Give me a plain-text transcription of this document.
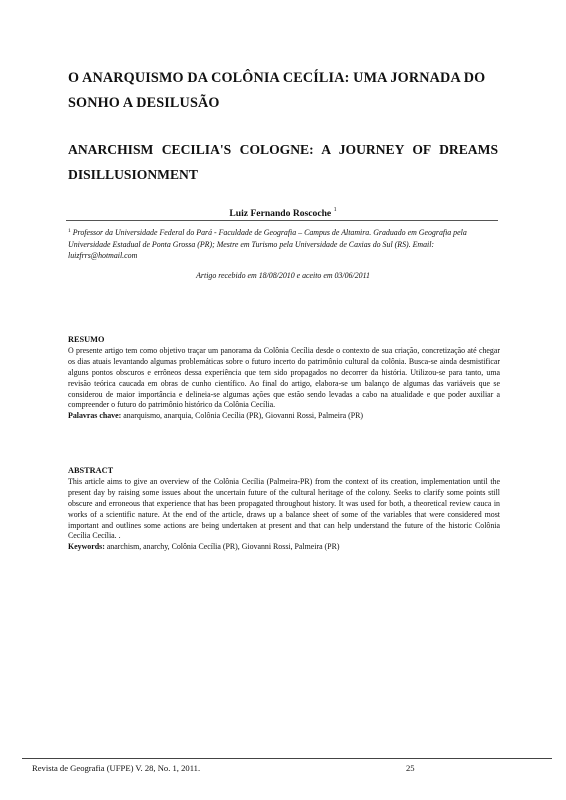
O ANARQUISMO DA COLÔNIA CECÍLIA: UMA JORNADA DO SONHO A DESILUSÃO
ANARCHISM CECILIA'S COLOGNE: A JOURNEY OF DREAMS DISILLUSIONMENT
Luiz Fernando Roscoche $^1$
$^1$ Professor da Universidade Federal do Pará - Faculdade de Geografia – Campus de Altamira. Graduado em Geografia pela Universidade Estadual de Ponta Grossa (PR); Mestre em Turismo pela Universidade de Caxias do Sul (RS). Email: luizfrrs@hotmail.com
Artigo recebido em 18/08/2010 e aceito em 03/06/2011
RESUMO
O presente artigo tem como objetivo traçar um panorama da Colônia Cecília desde o contexto de sua criação, concretização até chegar os dias atuais levantando algumas problemáticas sobre o futuro incerto do patrimônio cultural da colônia. Busca-se ainda desmistificar alguns pontos obscuros e errôneos dessa experiência que tem sido propagados no decorrer da história. Utilizou-se para tanto, uma revisão teórica caucada em obras de cunho científico. Ao final do artigo, elabora-se um balanço de algumas das variáveis que se considerou de maior importância e delineia-se algumas ações que estão sendo levadas a cabo na atualidade e que poder auxiliar a compreender o futuro do patrimônio histórico da Colônia Cecília.
Palavras chave: anarquismo, anarquia, Colônia Cecília (PR), Giovanni Rossi, Palmeira (PR)
ABSTRACT
This article aims to give an overview of the Colônia Cecília (Palmeira-PR) from the context of its creation, implementation until the present day by raising some issues about the uncertain future of the cultural heritage of the colony. Seeks to clarify some points still obscure and erroneous that experience that has been propagated throughout history. It was used for both, a theoretical review cauca in works of a scientific nature. At the end of the article, draws up a balance sheet of some of the variables that were considered most important and outlines some actions are being undertaken at present and that can help understand the future of the historic Colônia Cecília Cecília. .
Keywords: anarchism, anarchy, Colônia Cecília (PR), Giovanni Rossi, Palmeira (PR)
Revista de Geografia (UFPE) V. 28, No. 1, 2011.	25
